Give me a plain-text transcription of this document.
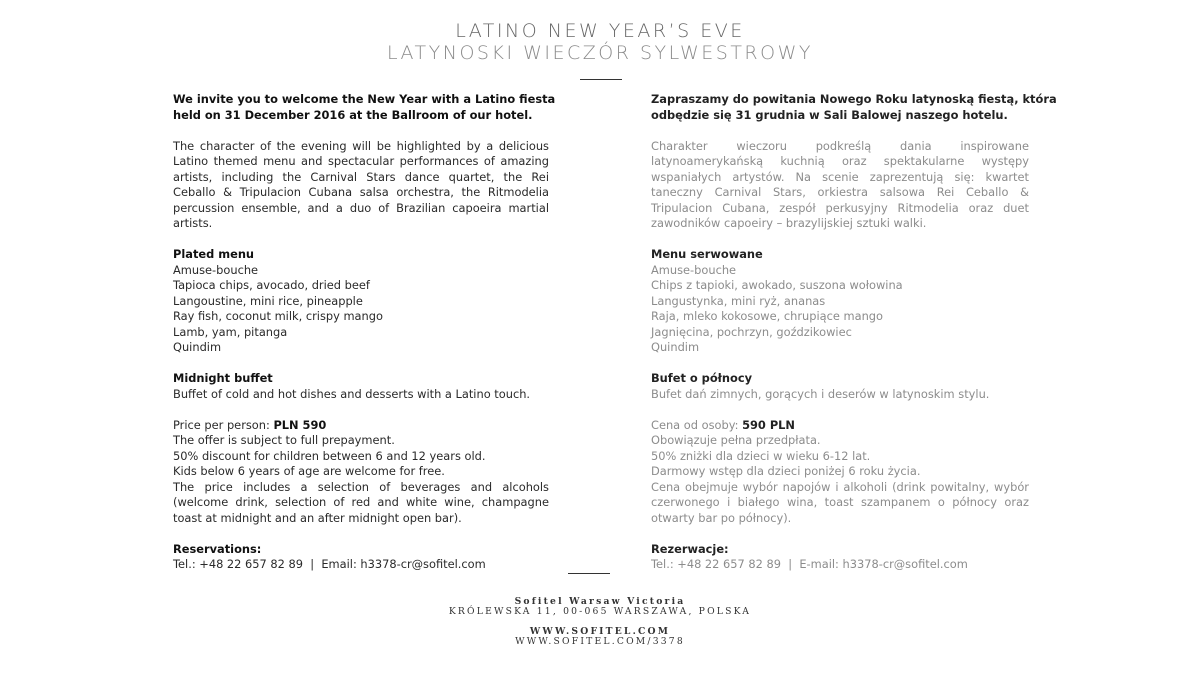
LATINO NEW YEAR’S EVE

LATYNOSKI WIECZÓR SYLWESTROWY

We invite you to welcome the New Year with a Latino fiesta
held on 31 December 2016 at the Ballroom of our hotel.

The character of the evening will be highlighted by a delicious Latino themed menu and spectacular performances of amazing artists, including the Carnival Stars dance quartet, the Rei Ceballo & Tripulacion Cubana salsa orchestra, the Ritmodelia percussion ensemble, and a duo of Brazilian capoeira martial artists.

Plated menu

Amuse-bouche

Tapioca chips, avocado, dried beef

Langoustine, mini rice, pineapple

Ray fish, coconut milk, crispy mango

Lamb, yam, pitanga

Quindim

Midnight buffet

Buffet of cold and hot dishes and desserts with a Latino touch.

Price per person: PLN 590

The offer is subject to full prepayment.

50% discount for children between 6 and 12 years old.

Kids below 6 years of age are welcome for free.

The price includes a selection of beverages and alcohols (welcome drink, selection of red and white wine, champagne toast at midnight and an after midnight open bar).

Reservations:

Tel.: +48 22 657 82 89  |  Email: h3378-cr@sofitel.com

Zapraszamy do powitania Nowego Roku latynoską fiestą, która
odbędzie się 31 grudnia w Sali Balowej naszego hotelu.

Charakter wieczoru podkreślą dania inspirowane latynoamerykańską kuchnią oraz spektakularne występy wspaniałych artystów. Na scenie zaprezentują się: kwartet taneczny Carnival Stars, orkiestra salsowa Rei Ceballo & Tripulacion Cubana, zespół perkusyjny Ritmodelia oraz duet zawodników capoeiry – brazylijskiej sztuki walki.

Menu serwowane

Amuse-bouche

Chips z tapioki, awokado, suszona wołowina

Langustynka, mini ryż, ananas

Raja, mleko kokosowe, chrupiące mango

Jagnięcina, pochrzyn, goździkowiec

Quindim

Bufet o północy

Bufet dań zimnych, gorących i deserów w latynoskim stylu.

Cena od osoby: 590 PLN

Obowiązuje pełna przedpłata.

50% zniżki dla dzieci w wieku 6-12 lat.

Darmowy wstęp dla dzieci poniżej 6 roku życia.

Cena obejmuje wybór napojów i alkoholi (drink powitalny, wybór czerwonego i białego wina, toast szampanem o północy oraz otwarty bar po północy).

Rezerwacje:

Tel.: +48 22 657 82 89  |  E-mail: h3378-cr@sofitel.com

Sofitel Warsaw Victoria
KRÓLEWSKA 11, 00-065 WARSZAWA, POLSKA
WWW.SOFITEL.COM
WWW.SOFITEL.COM/3378
